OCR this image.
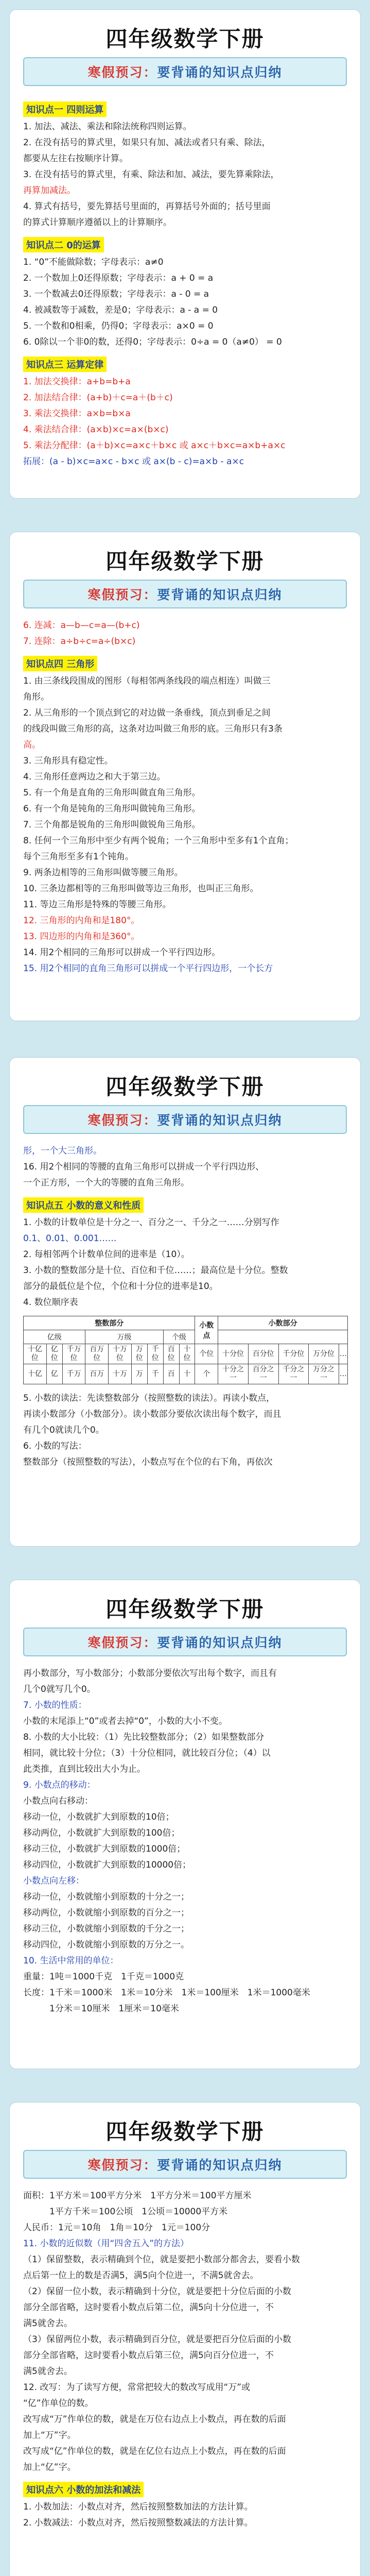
四年级数学下册
寒假预习：要背诵的知识点归纳
知识点一 四则运算

1. 加法、减法、乘法和除法统称四则运算。

2. 在没有括号的算式里，如果只有加、减法或者只有乘、除法，

都要从左往右按顺序计算。

3. 在没有括号的算式里，有乘、除法和加、减法，要先算乘除法，

再算加减法。

4. 算式有括号，要先算括号里面的，再算括号外面的；括号里面

的算式计算顺序遵循以上的计算顺序。

知识点二 0的运算

1. “0”不能做除数；字母表示：a≠0

2. 一个数加上0还得原数；字母表示：a + 0 = a

3. 一个数减去0还得原数；字母表示：a - 0 = a

4. 被减数等于减数，差是0；字母表示：a - a = 0

5. 一个数和0相乘，仍得0；字母表示：a×0 = 0

6. 0除以一个非0的数，还得0；字母表示：0÷a = 0（a≠0） = 0

知识点三 运算定律

1. 加法交换律：a+b=b+a

2. 加法结合律：(a+b)＋c=a＋(b＋c)

3. 乘法交换律：a×b=b×a

4. 乘法结合律：(a×b)×c=a×(b×c)

5. 乘法分配律：(a＋b)×c=a×c＋b×c 或 a×c＋b×c=a×b+a×c

拓展：(a - b)×c=a×c - b×c 或 a×(b - c)=a×b - a×c

四年级数学下册
寒假预习：要背诵的知识点归纳

6. 连减：a—b—c=a—(b+c)

7. 连除：a÷b÷c=a÷(b×c)

知识点四 三角形

1. 由三条线段围成的图形（每相邻两条线段的端点相连）叫做三

角形。

2. 从三角形的一个顶点到它的对边做一条垂线，顶点到垂足之间

的线段叫做三角形的高，这条对边叫做三角形的底。三角形只有3条

高。

3. 三角形具有稳定性。

4. 三角形任意两边之和大于第三边。

5. 有一个角是直角的三角形叫做直角三角形。

6. 有一个角是钝角的三角形叫做钝角三角形。

7. 三个角都是锐角的三角形叫做锐角三角形。

8. 任何一个三角形中至少有两个锐角；一个三角形中至多有1个直角；

每个三角形至多有1个钝角。

9. 两条边相等的三角形叫做等腰三角形。

10. 三条边都相等的三角形叫做等边三角形，也叫正三角形。

11. 等边三角形是特殊的等腰三角形。

12. 三角形的内角和是180°。

13. 四边形的内角和是360°。

14. 用2个相同的三角形可以拼成一个平行四边形。

15. 用2个相同的直角三角形可以拼成一个平行四边形，一个长方

四年级数学下册
寒假预习：要背诵的知识点归纳

形，一个大三角形。

16. 用2个相同的等腰的直角三角形可以拼成一个平行四边形、

一个正方形，一个大的等腰的直角三角形。

知识点五 小数的意义和性质

1. 小数的计数单位是十分之一、百分之一、千分之一……分别写作

0.1、0.01、0.001……

2. 每相邻两个计数单位间的进率是（10）。

3. 小数的整数部分是十位、百位和千位……；最高位是十分位。整数

部分的最低位是个位，个位和十分位的进率是10。

4. 数位顺序表

整数部分									小数点	小数部分				
亿级			万级				个级							
十亿位	亿位	千万位	百万位	十万位	万位	千位	百位	十位	个位	十分位	百分位	千分位	万分位	…
十亿	亿	千万	百万	十万	万	千	百	十	个	十分之一	百分之一	千分之一	万分之一	…

5. 小数的读法：先读整数部分（按照整数的读法）。再读小数点，

再读小数部分（小数部分）。读小数部分要依次读出每个数字，而且

有几个0就读几个0。

6. 小数的写法：

整数部分（按照整数的写法），小数点写在个位的右下角，再依次

四年级数学下册
寒假预习：要背诵的知识点归纳

再小数部分，写小数部分；小数部分要依次写出每个数字，而且有

几个0就写几个0。

7. 小数的性质：

小数的末尾添上“0”或者去掉“0”，小数的大小不变。

8. 小数的大小比较：（1）先比较整数部分；（2）如果整数部分

相同，就比较十分位；（3）十分位相同，就比较百分位；（4）以

此类推，直到比较出大小为止。

9. 小数点的移动：

小数点向右移动：

移动一位，小数就扩大到原数的10倍；

移动两位，小数就扩大到原数的100倍；

移动三位，小数就扩大到原数的1000倍；

移动四位，小数就扩大到原数的10000倍；

小数点向左移：

移动一位，小数就缩小到原数的十分之一；

移动两位，小数就缩小到原数的百分之一；

移动三位，小数就缩小到原数的千分之一；

移动四位，小数就缩小到原数的万分之一。

10. 生活中常用的单位：

重量：1吨＝1000千克　1千克＝1000克

长度：1千米＝1000米　1米＝10分米　1米＝100厘米　1米＝1000毫米

　　　1分米＝10厘米　1厘米＝10毫米

四年级数学下册
寒假预习：要背诵的知识点归纳

面积：1平方米＝100平方分米　1平方分米＝100平方厘米

　　　1平方千米＝100公顷　1公顷＝10000平方米

人民币：1元＝10角　1角＝10分　1元＝100分

11. 小数的近似数（用“四舍五入”的方法）

（1）保留整数，表示精确到个位，就是要把小数部分都舍去，要看小数

点后第一位上的数是否满5，满5向个位进一，不满5就舍去。

（2）保留一位小数，表示精确到十分位，就是要把十分位后面的小数

部分全部省略，这时要看小数点后第二位，满5向十分位进一，不

满5就舍去。

（3）保留两位小数，表示精确到百分位，就是要把百分位后面的小数

部分全部省略，这时要看小数点后第三位，满5向百分位进一，不

满5就舍去。

12. 改写：为了读写方便，常常把较大的数改写成用“万”或

“亿”作单位的数。

改写成“万”作单位的数，就是在万位右边点上小数点，再在数的后面

加上“万”字。

改写成“亿”作单位的数，就是在亿位右边点上小数点，再在数的后面

加上“亿”字。

知识点六 小数的加法和减法

1. 小数加法：小数点对齐，然后按照整数加法的方法计算。

2. 小数减法：小数点对齐，然后按照整数减法的方法计算。
